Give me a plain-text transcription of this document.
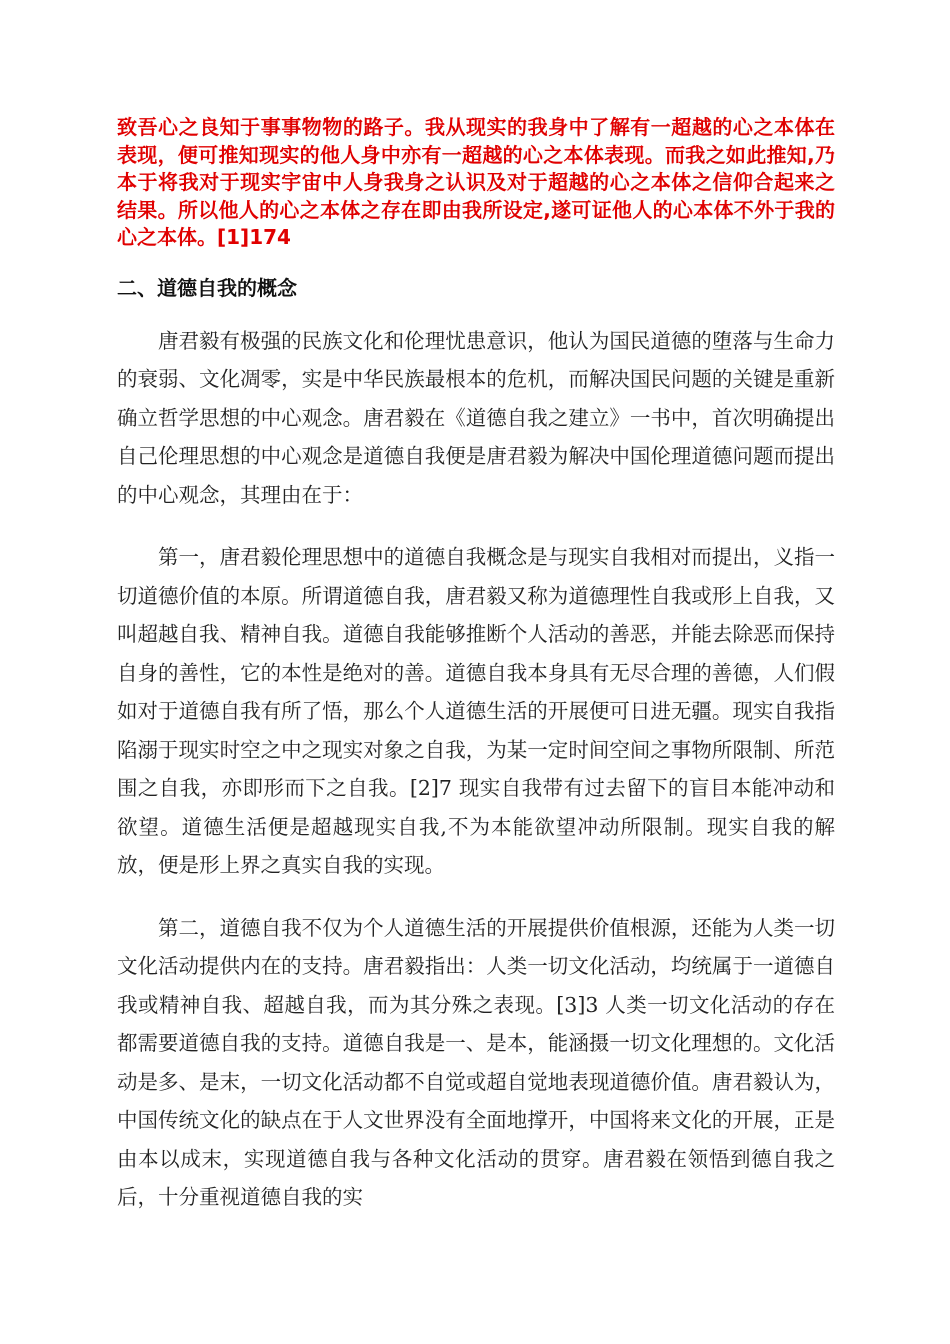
致吾心之良知于事事物物的路子。我从现实的我身中了解有一超越的心之本体在表现，便可推知现实的他人身中亦有一超越的心之本体表现。而我之如此推知,乃本于将我对于现实宇宙中人身我身之认识及对于超越的心之本体之信仰合起来之结果。所以他人的心之本体之存在即由我所设定,遂可证他人的心本体不外于我的心之本体。[1]174

二、道德自我的概念

唐君毅有极强的民族文化和伦理忧患意识，他认为国民道德的堕落与生命力的衰弱、文化凋零，实是中华民族最根本的危机，而解决国民问题的关键是重新确立哲学思想的中心观念。唐君毅在《道德自我之建立》一书中，首次明确提出自己伦理思想的中心观念是道德自我便是唐君毅为解决中国伦理道德问题而提出的中心观念，其理由在于：

第一，唐君毅伦理思想中的道德自我概念是与现实自我相对而提出，义指一切道德价值的本原。所谓道德自我，唐君毅又称为道德理性自我或形上自我，又叫超越自我、精神自我。道德自我能够推断个人活动的善恶，并能去除恶而保持自身的善性，它的本性是绝对的善。道德自我本身具有无尽合理的善德，人们假如对于道德自我有所了悟，那么个人道德生活的开展便可日进无疆。现实自我指陷溺于现实时空之中之现实对象之自我，为某一定时间空间之事物所限制、所范围之自我，亦即形而下之自我。[2]7 现实自我带有过去留下的盲目本能冲动和欲望。道德生活便是超越现实自我,不为本能欲望冲动所限制。现实自我的解放，便是形上界之真实自我的实现。

第二，道德自我不仅为个人道德生活的开展提供价值根源，还能为人类一切文化活动提供内在的支持。唐君毅指出：人类一切文化活动，均统属于一道德自我或精神自我、超越自我，而为其分殊之表现。[3]3 人类一切文化活动的存在都需要道德自我的支持。道德自我是一、是本，能涵摄一切文化理想的。文化活动是多、是末，一切文化活动都不自觉或超自觉地表现道德价值。唐君毅认为，中国传统文化的缺点在于人文世界没有全面地撑开，中国将来文化的开展，正是由本以成末，实现道德自我与各种文化活动的贯穿。唐君毅在领悟到德自我之后，十分重视道德自我的实
